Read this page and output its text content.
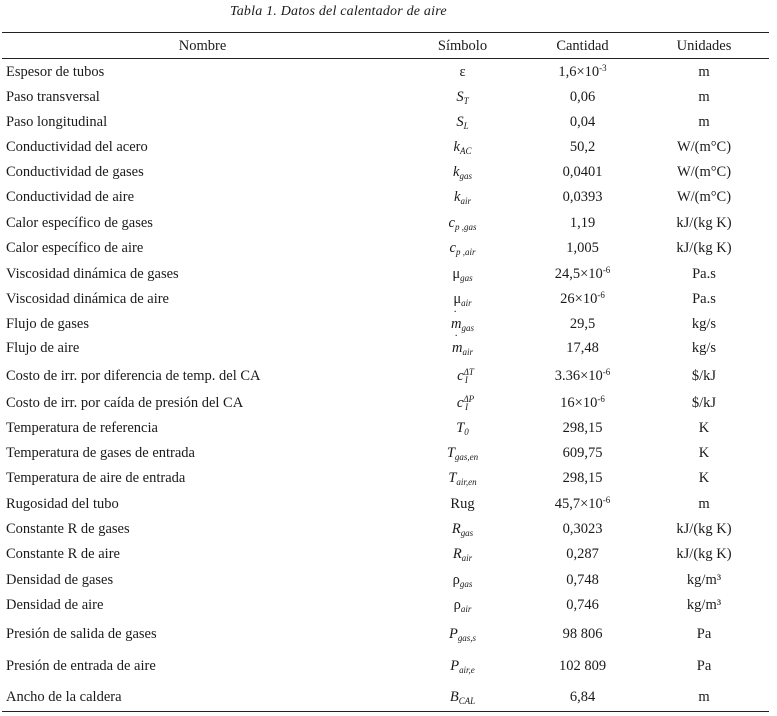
Tabla 1. Datos del calentador de aire
Nombre	Símbolo	Cantidad	Unidades
Espesor de tubos	ε	$1,6\times 10^{-3}$	m
Paso transversal	$S_T$	0,06	m
Paso longitudinal	$S_L$	0,04	m
Conductividad del acero	$k_{AC}$	50,2	W/(m°C)
Conductividad de gases	$k_{gas}$	0,0401	W/(m°C)
Conductividad de aire	$k_{air}$	0,0393	W/(m°C)
Calor específico de gases	$c_{p ,gas}$	1,19	kJ/(kg K)
Calor específico de aire	$c_{p ,air}$	1,005	kJ/(kg K)
Viscosidad dinámica de gases	$\mu_{gas}$	$24,5\times 10^{-6}$	Pa.s
Viscosidad dinámica de aire	$\mu_{air}$	$26\times 10^{-6}$	Pa.s
Flujo de gases	˙ $m_{gas}$	29,5	kg/s
Flujo de aire	˙ $m_{air}$	17,48	kg/s
Costo de irr. por diferencia de temp. del CA	$c^{\Delta T}_I$	$3.36\times 10^{-6}$	$/kJ
Costo de irr. por caída de presión del CA	$c^{\Delta P}_I$	$16\times 10^{-6}$	$/kJ
Temperatura de referencia	$T_0$	298,15	K
Temperatura de gases de entrada	$T_{gas,en}$	609,75	K
Temperatura de aire de entrada	$T_{air,en}$	298,15	K
Rugosidad del tubo	Rug	$45,7\times 10^{-6}$	m
Constante R de gases	$R_{gas}$	0,3023	kJ/(kg K)
Constante R de aire	$R_{air}$	0,287	kJ/(kg K)
Densidad de gases	$\rho_{gas}$	0,748	kg/m³
Densidad de aire	$\rho_{air}$	0,746	kg/m³
Presión de salida de gases	$P_{gas,s}$	98 806	Pa
Presión de entrada de aire	$P_{air,e}$	102 809	Pa
Ancho de la caldera	$B_{CAL}$	6,84	m
